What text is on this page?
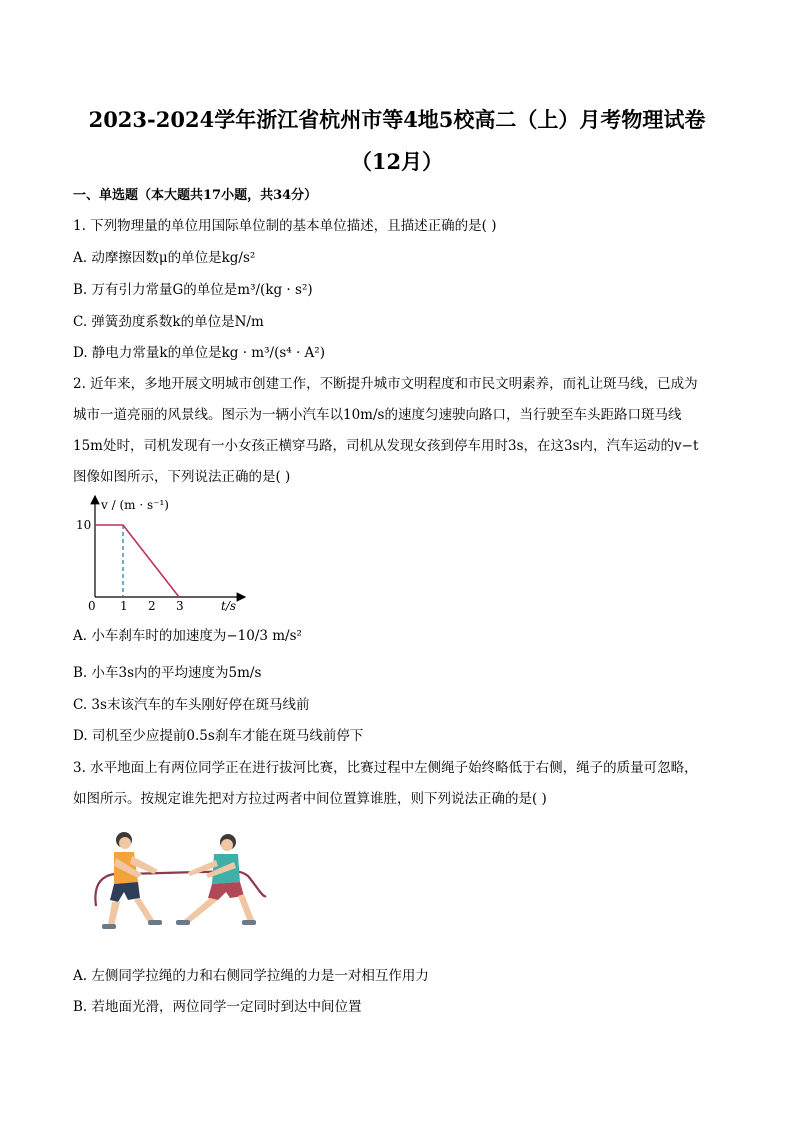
2023-2024学年浙江省杭州市等4地5校高二（上）月考物理试卷
（12月）
一、单选题（本大题共17小题，共34分）
1. 下列物理量的单位用国际单位制的基本单位描述，且描述正确的是( )
A. 动摩擦因数μ的单位是kg/s²
B. 万有引力常量G的单位是m³/(kg · s²)
C. 弹簧劲度系数k的单位是N/m
D. 静电力常量k的单位是kg · m³/(s⁴ · A²)
2. 近年来，多地开展文明城市创建工作，不断提升城市文明程度和市民文明素养，而礼让斑马线，已成为
城市一道亮丽的风景线。图示为一辆小汽车以10m/s的速度匀速驶向路口，当行驶至车头距路口斑马线
15m处时，司机发现有一小女孩正横穿马路，司机从发现女孩到停车用时3s，在这3s内，汽车运动的v−t
图像如图所示，下列说法正确的是( )
v / (m · s⁻¹)
t/s
10
0 1 2 3
A. 小车刹车时的加速度为−10/3 m/s²
B. 小车3s内的平均速度为5m/s
C. 3s末该汽车的车头刚好停在斑马线前
D. 司机至少应提前0.5s刹车才能在斑马线前停下
3. 水平地面上有两位同学正在进行拔河比赛，比赛过程中左侧绳子始终略低于右侧，绳子的质量可忽略，
如图所示。按规定谁先把对方拉过两者中间位置算谁胜，则下列说法正确的是( )
A. 左侧同学拉绳的力和右侧同学拉绳的力是一对相互作用力
B. 若地面光滑，两位同学一定同时到达中间位置
